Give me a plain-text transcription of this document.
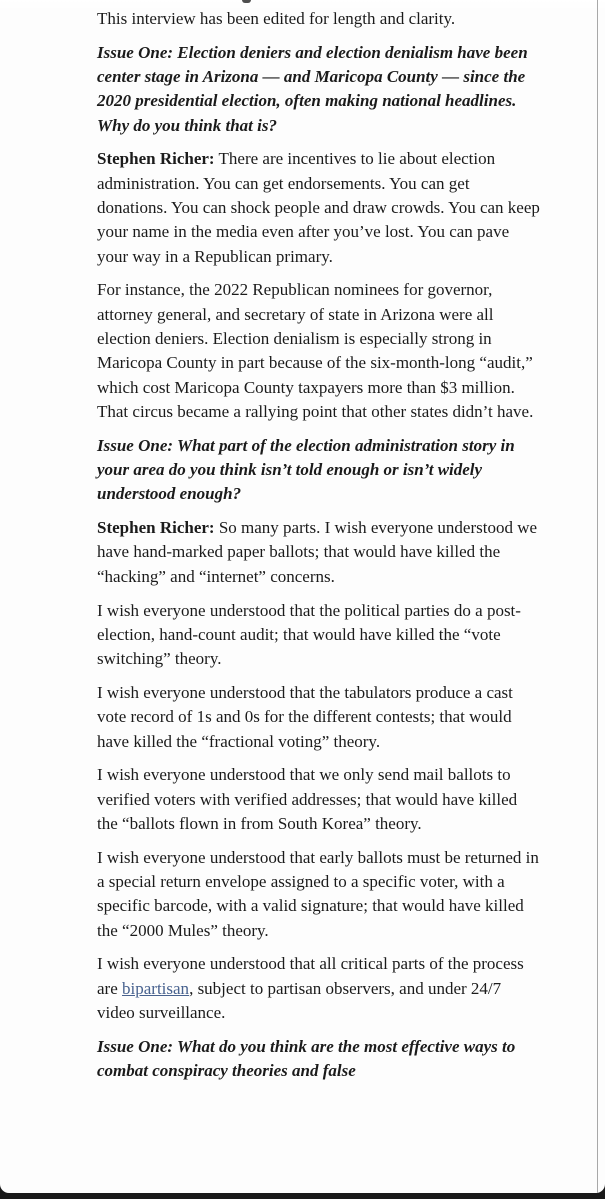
This interview has been edited for length and clarity.

Issue One: Election deniers and election denialism have been center stage in Arizona — and Maricopa County — since the 2020 presidential election, often making national headlines. Why do you think that is?

Stephen Richer: There are incentives to lie about election administration. You can get endorsements. You can get donations. You can shock people and draw crowds. You can keep your name in the media even after you’ve lost. You can pave your way in a Republican primary.

For instance, the 2022 Republican nominees for governor, attorney general, and secretary of state in Arizona were all election deniers. Election denialism is especially strong in Maricopa County in part because of the six-month-long “audit,” which cost Maricopa County taxpayers more than $3 million. That circus became a rallying point that other states didn’t have.

Issue One: What part of the election administration story in your area do you think isn’t told enough or isn’t widely understood enough?

Stephen Richer: So many parts. I wish everyone understood we have hand-marked paper ballots; that would have killed the “hacking” and “internet” concerns.

I wish everyone understood that the political parties do a post-election, hand-count audit; that would have killed the “vote switching” theory.

I wish everyone understood that the tabulators produce a cast vote record of 1s and 0s for the different contests; that would have killed the “fractional voting” theory.

I wish everyone understood that we only send mail ballots to verified voters with verified addresses; that would have killed the “ballots flown in from South Korea” theory.

I wish everyone understood that early ballots must be returned in a special return envelope assigned to a specific voter, with a specific barcode, with a valid signature; that would have killed the “2000 Mules” theory.

I wish everyone understood that all critical parts of the process are bipartisan, subject to partisan observers, and under 24/7 video surveillance.

Issue One: What do you think are the most effective ways to combat conspiracy theories and false
